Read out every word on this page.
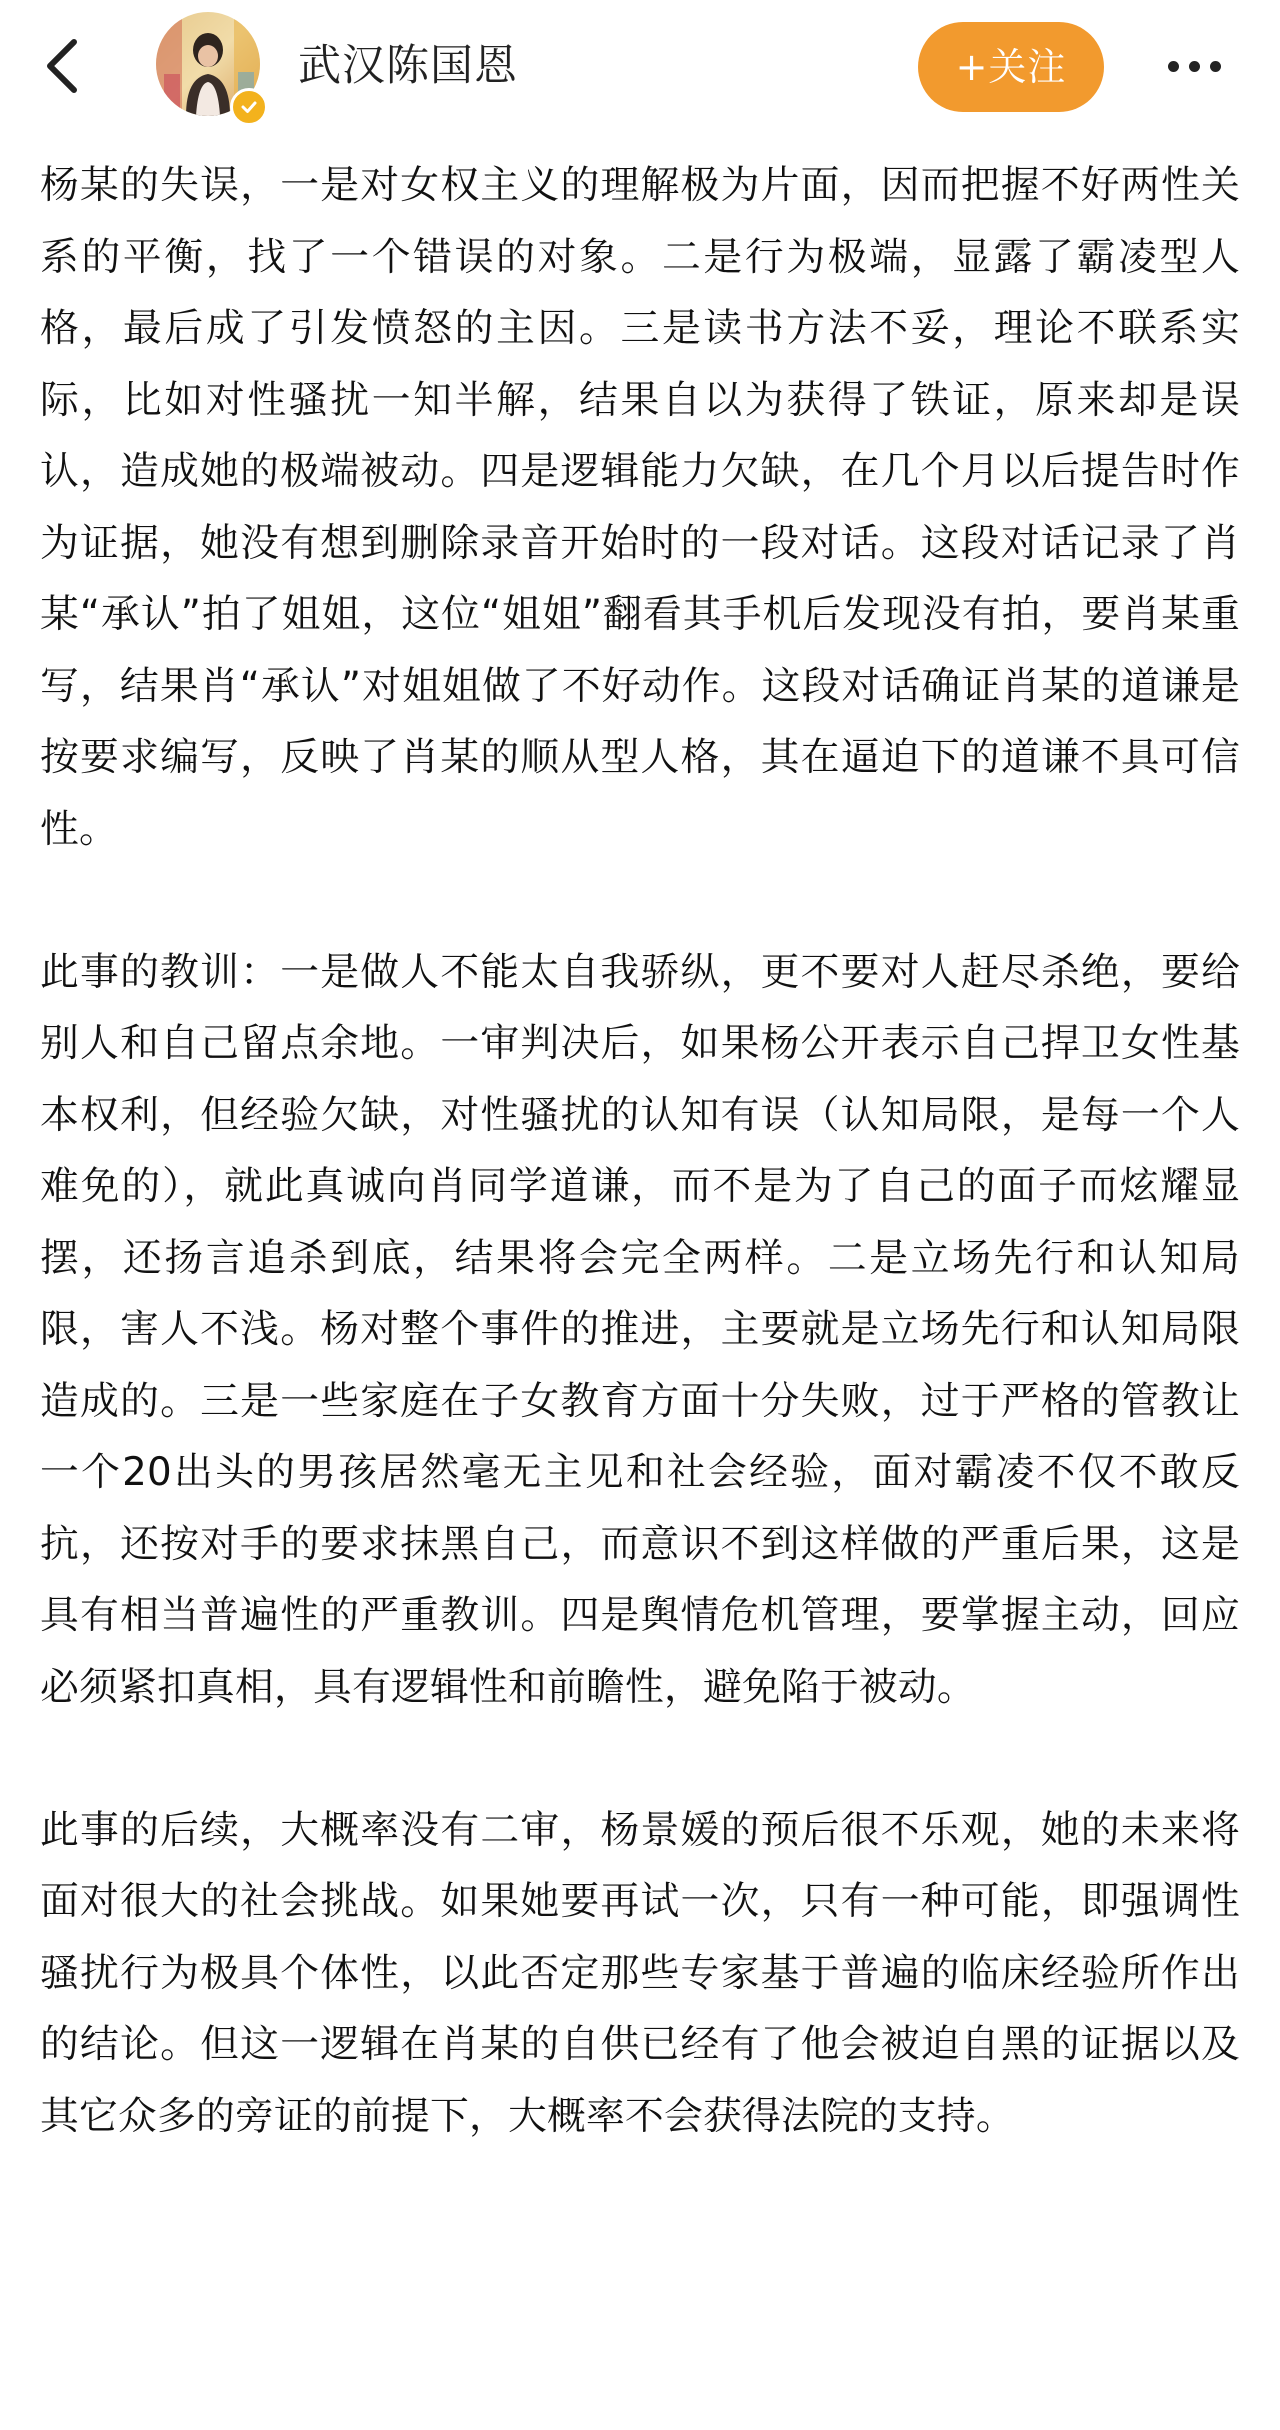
武汉陈国恩	+关注

杨某的失误，一是对女权主义的理解极为片面，因而把握不好两性关系的平衡，找了一个错误的对象。二是行为极端，显露了霸凌型人格，最后成了引发愤怒的主因。三是读书方法不妥，理论不联系实际，比如对性骚扰一知半解，结果自以为获得了铁证，原来却是误认，造成她的极端被动。四是逻辑能力欠缺，在几个月以后提告时作为证据，她没有想到删除录音开始时的一段对话。这段对话记录了肖某“承认”拍了姐姐，这位“姐姐”翻看其手机后发现没有拍，要肖某重写，结果肖“承认”对姐姐做了不好动作。这段对话确证肖某的道谦是按要求编写，反映了肖某的顺从型人格，其在逼迫下的道谦不具可信性。

此事的教训：一是做人不能太自我骄纵，更不要对人赶尽杀绝，要给别人和自己留点余地。一审判决后，如果杨公开表示自己捍卫女性基本权利，但经验欠缺，对性骚扰的认知有误（认知局限，是每一个人难免的），就此真诚向肖同学道谦，而不是为了自己的面子而炫耀显摆，还扬言追杀到底，结果将会完全两样。二是立场先行和认知局限，害人不浅。杨对整个事件的推进，主要就是立场先行和认知局限造成的。三是一些家庭在子女教育方面十分失败，过于严格的管教让一个20出头的男孩居然毫无主见和社会经验，面对霸凌不仅不敢反抗，还按对手的要求抹黑自己，而意识不到这样做的严重后果，这是具有相当普遍性的严重教训。四是舆情危机管理，要掌握主动，回应必须紧扣真相，具有逻辑性和前瞻性，避免陷于被动。

此事的后续，大概率没有二审，杨景媛的预后很不乐观，她的未来将面对很大的社会挑战。如果她要再试一次，只有一种可能，即强调性骚扰行为极具个体性，以此否定那些专家基于普遍的临床经验所作出的结论。但这一逻辑在肖某的自供已经有了他会被迫自黑的证据以及其它众多的旁证的前提下，大概率不会获得法院的支持。
